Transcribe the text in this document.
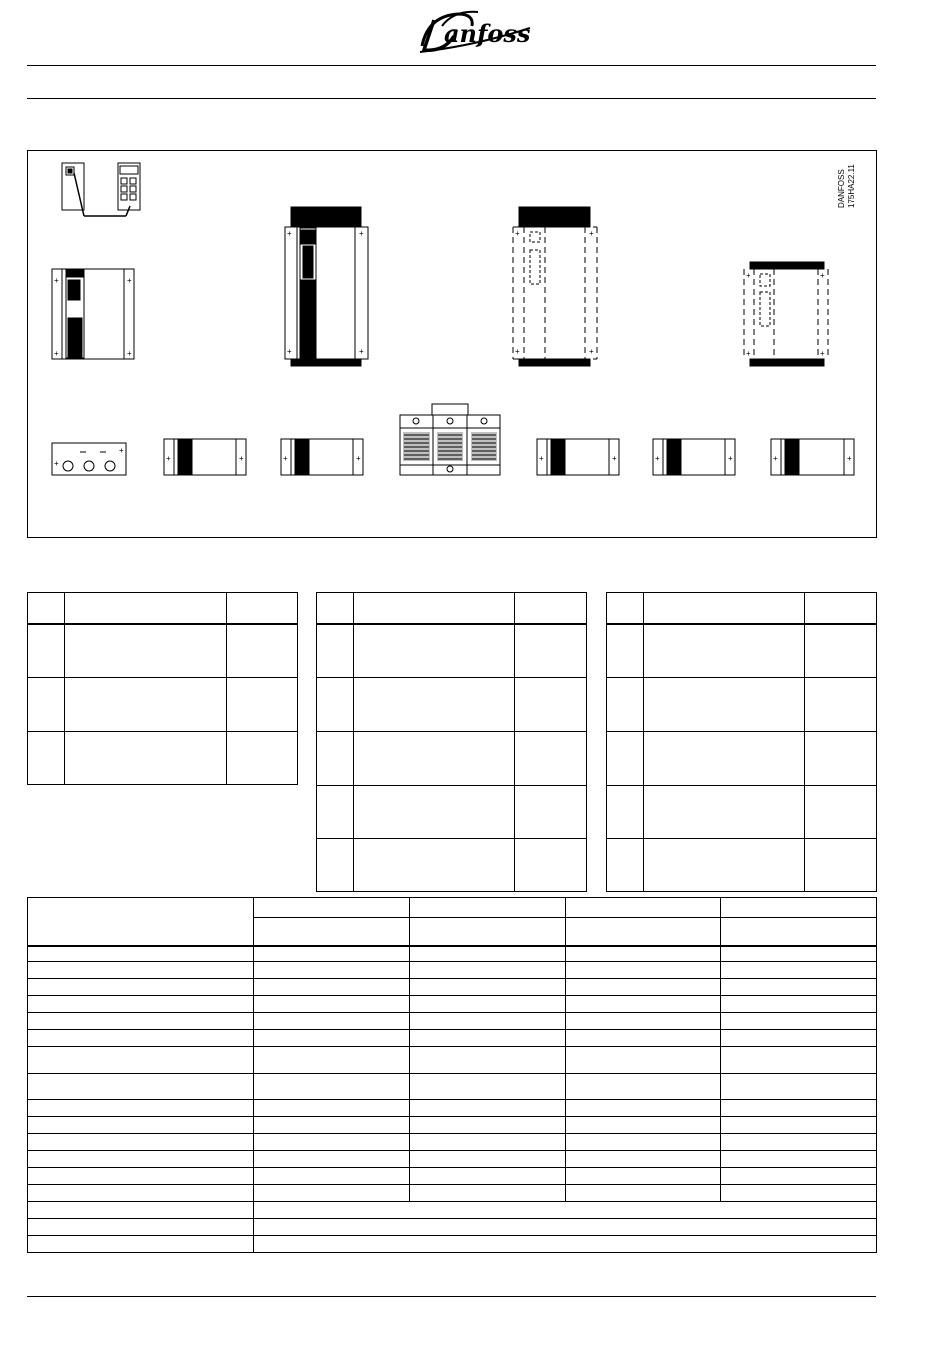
anfoss
DANFOSS 175HA22.11
+	+
+	+
+	+
+	+
+	+
+	+
+	+
+	+
+
+
+	+	+	+	+	+	+	+	+	+
